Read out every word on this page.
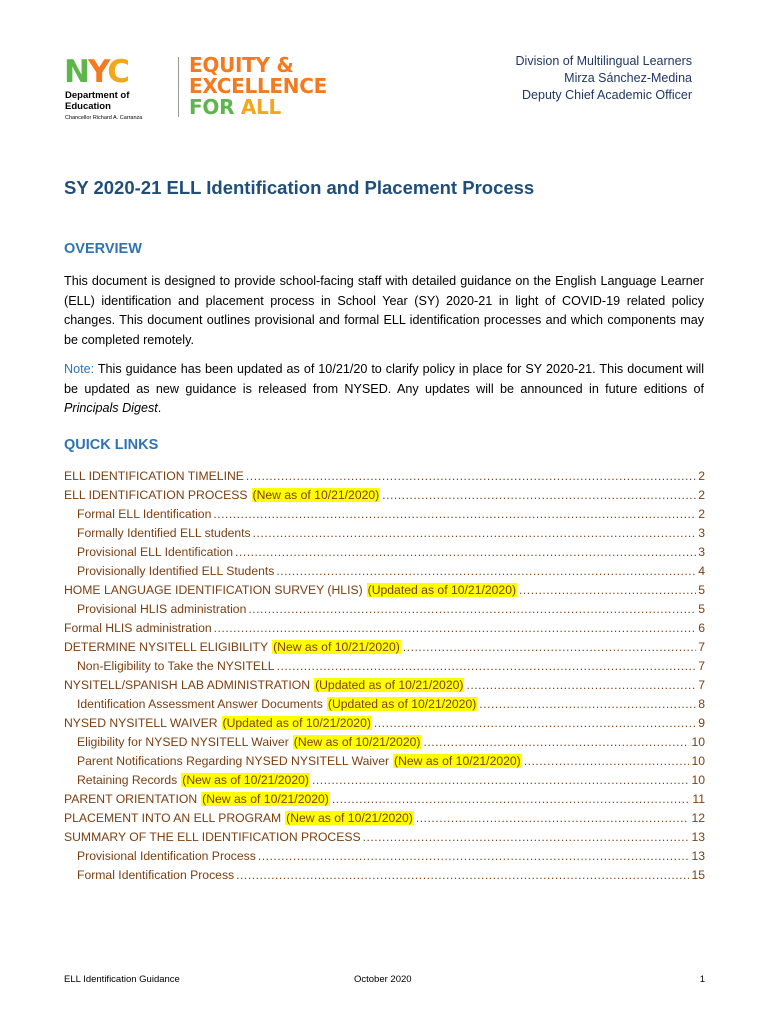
NYC
Department of
Education
Chancellor Richard A. Carranza
EQUITY &
EXCELLENCE
FOR ALL
Division of Multilingual Learners
Mirza Sánchez-Medina
Deputy Chief Academic Officer
SY 2020-21 ELL Identification and Placement Process
OVERVIEW
This document is designed to provide school-facing staff with detailed guidance on the English Language Learner (ELL) identification and placement process in School Year (SY) 2020-21 in light of COVID-19 related policy changes. This document outlines provisional and formal ELL identification processes and which components may be completed remotely.
Note: This guidance has been updated as of 10/21/20 to clarify policy in place for SY 2020-21. This document will be updated as new guidance is released from NYSED. Any updates will be announced in future editions of Principals Digest.
QUICK LINKS
ELL IDENTIFICATION TIMELINE .....	2
ELL IDENTIFICATION PROCESS (New as of 10/21/2020) .....	2
Formal ELL Identification .....	2
Formally Identified ELL students .....	3
Provisional ELL Identification .....	3
Provisionally Identified ELL Students .....	4
HOME LANGUAGE IDENTIFICATION SURVEY (HLIS) (Updated as of 10/21/2020) .....	5
Provisional HLIS administration .....	5
Formal HLIS administration .....	6
DETERMINE NYSITELL ELIGIBILITY (New as of 10/21/2020) .....	7
Non-Eligibility to Take the NYSITELL .....	7
NYSITELL/SPANISH LAB ADMINISTRATION (Updated as of 10/21/2020) .....	7
Identification Assessment Answer Documents (Updated as of 10/21/2020) .....	8
NYSED NYSITELL WAIVER (Updated as of 10/21/2020) .....	9
Eligibility for NYSED NYSITELL Waiver (New as of 10/21/2020) .....	10
Parent Notifications Regarding NYSED NYSITELL Waiver (New as of 10/21/2020) .....	10
Retaining Records (New as of 10/21/2020) .....	10
PARENT ORIENTATION (New as of 10/21/2020) .....	11
PLACEMENT INTO AN ELL PROGRAM (New as of 10/21/2020) .....	12
SUMMARY OF THE ELL IDENTIFICATION PROCESS .....	13
Provisional Identification Process .....	13
Formal Identification Process .....	15
ELL Identification Guidance	October 2020	1
